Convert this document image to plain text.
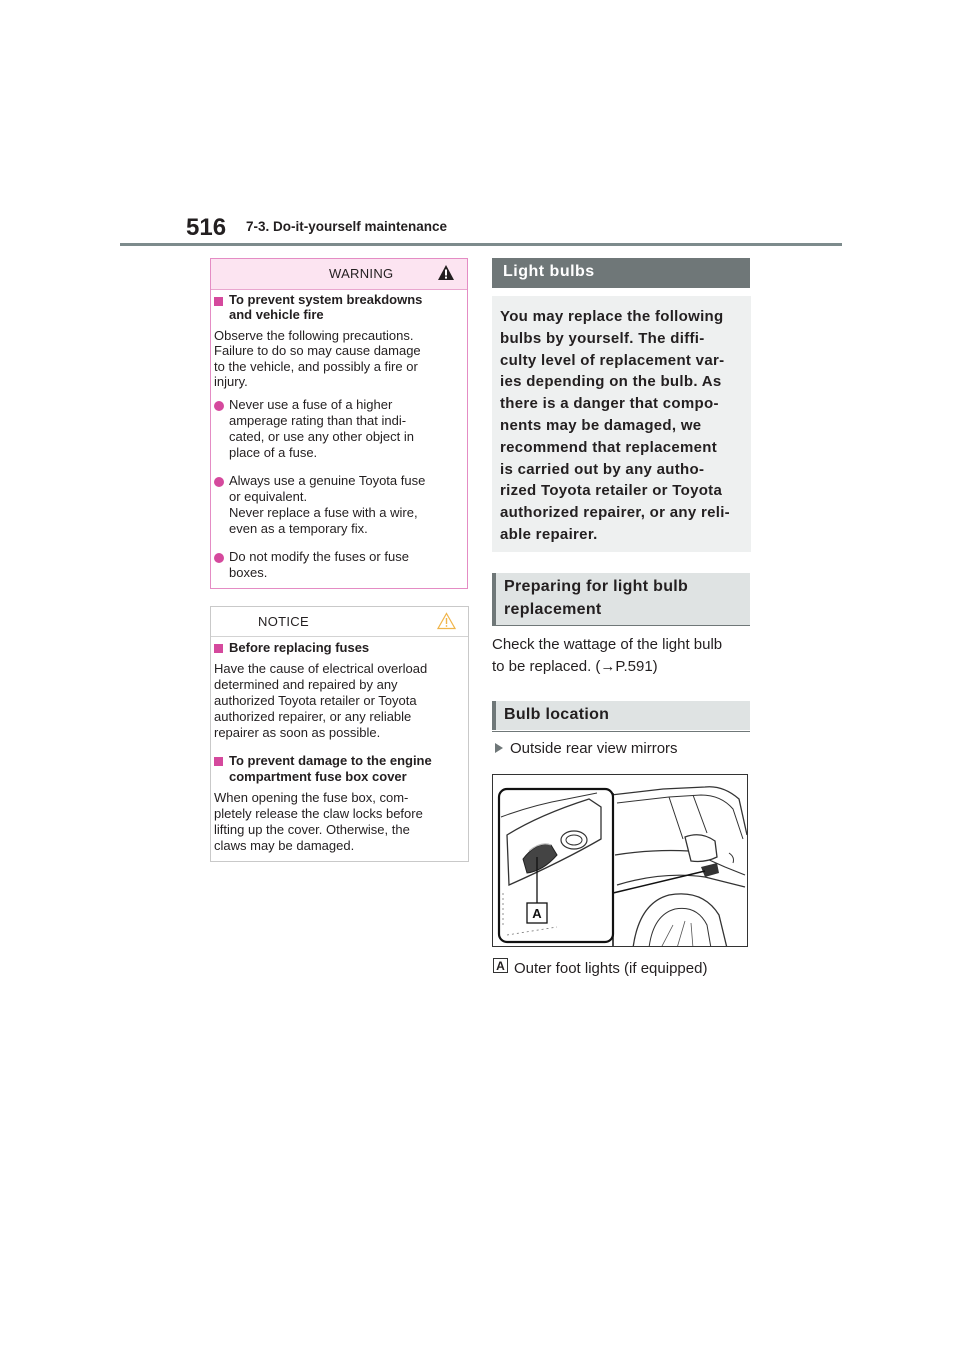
516 7-3. Do-it-yourself maintenance
WARNING
To prevent system breakdowns
and vehicle fire
Observe the following precautions.
Failure to do so may cause damage
to the vehicle, and possibly a fire or
injury.
Never use a fuse of a higher
amperage rating than that indi-
cated, or use any other object in
place of a fuse.
Always use a genuine Toyota fuse
or equivalent.
Never replace a fuse with a wire,
even as a temporary fix.
Do not modify the fuses or fuse
boxes.
NOTICE
Before replacing fuses
Have the cause of electrical overload
determined and repaired by any
authorized Toyota retailer or Toyota
authorized repairer, or any reliable
repairer as soon as possible.
To prevent damage to the engine
compartment fuse box cover
When opening the fuse box, com-
pletely release the claw locks before
lifting up the cover. Otherwise, the
claws may be damaged.
Light bulbs
You may replace the following
bulbs by yourself. The diffi-
culty level of replacement var-
ies depending on the bulb. As
there is a danger that compo-
nents may be damaged, we
recommend that replacement
is carried out by any autho-
rized Toyota retailer or Toyota
authorized repairer, or any reli-
able repairer.
Preparing for light bulb
replacement
Check the wattage of the light bulb
to be replaced. (→P.591)
Bulb location
Outside rear view mirrors
A
A Outer foot lights (if equipped)
